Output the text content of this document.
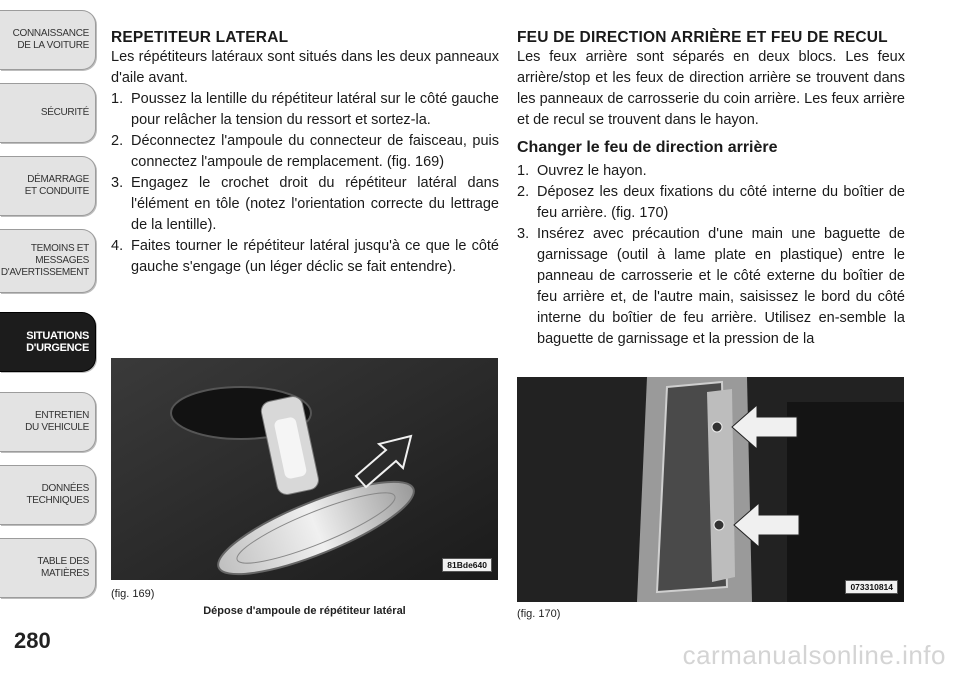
CONNAISSANCE
DE LA VOITURE
SÉCURITÉ
DÉMARRAGE
ET CONDUITE
TEMOINS ET
MESSAGES
D'AVERTISSEMENT
SITUATIONS
D'URGENCE
ENTRETIEN
DU VEHICULE
DONNÉES
TECHNIQUES
TABLE DES
MATIÈRES
280
REPETITEUR LATERAL

Les répétiteurs latéraux sont situés dans les deux panneaux d'aile avant.

1. Poussez la lentille du répétiteur latéral sur le côté gauche pour relâcher la tension du ressort et sortez-la.
2. Déconnectez l'ampoule du connecteur de faisceau, puis connectez l'ampoule de remplacement. (fig. 169)
3. Engagez le crochet droit du répétiteur latéral dans l'élément en tôle (notez l'orientation correcte du lettrage de la lentille).
4. Faites tourner le répétiteur latéral jusqu'à ce que le côté gauche s'engage (un léger déclic se fait entendre).
FEU DE DIRECTION ARRIÈRE ET FEU DE RECUL

Les feux arrière sont séparés en deux blocs. Les feux arrière/stop et les feux de direction arrière se trouvent dans les panneaux de carrosserie du coin arrière. Les feux arrière et de recul se trouvent dans le hayon.

Changer le feu de direction arrière
1. Ouvrez le hayon.
2. Déposez les deux fixations du côté interne du boîtier de feu arrière. (fig. 170)
3. Insérez avec précaution d'une main une baguette de garnissage (outil à lame plate en plastique) entre le panneau de carrosserie et le côté externe du boîtier de feu arrière et, de l'autre main, saisissez le bord du côté interne du boîtier de feu arrière. Utilisez en-semble la baguette de garnissage et la pression de la
81Bde640
(fig. 169)
Dépose d'ampoule de répétiteur latéral
073310814
(fig. 170)
carmanualsonline.info
